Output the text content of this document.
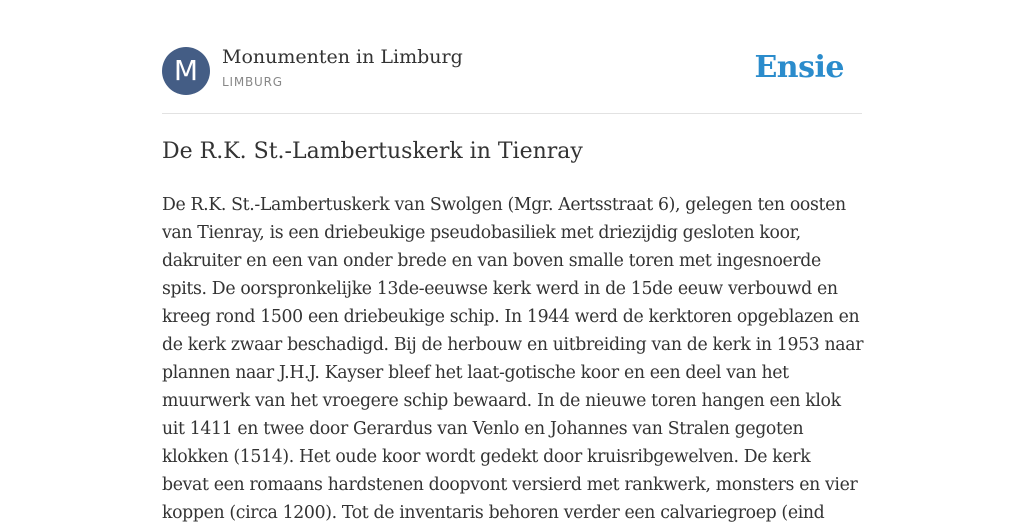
M	Monumenten in Limburg
LIMBURG	Ensie
De R.K. St.-Lambertuskerk in Tienray
De R.K. St.-Lambertuskerk van Swolgen (Mgr. Aertsstraat 6), gelegen ten oosten
van Tienray, is een driebeukige pseudobasiliek met driezijdig gesloten koor,
dakruiter en een van onder brede en van boven smalle toren met ingesnoerde
spits. De oorspronkelijke 13de-eeuwse kerk werd in de 15de eeuw verbouwd en
kreeg rond 1500 een driebeukige schip. In 1944 werd de kerktoren opgeblazen en
de kerk zwaar beschadigd. Bij de herbouw en uitbreiding van de kerk in 1953 naar
plannen naar J.H.J. Kayser bleef het laat-gotische koor en een deel van het
muurwerk van het vroegere schip bewaard. In de nieuwe toren hangen een klok
uit 1411 en twee door Gerardus van Venlo en Johannes van Stralen gegoten
klokken (1514). Het oude koor wordt gedekt door kruisribgewelven. De kerk
bevat een romaans hardstenen doopvont versierd met rankwerk, monsters en vier
koppen (circa 1200). Tot de inventaris behoren verder een calvariegroep (eind
